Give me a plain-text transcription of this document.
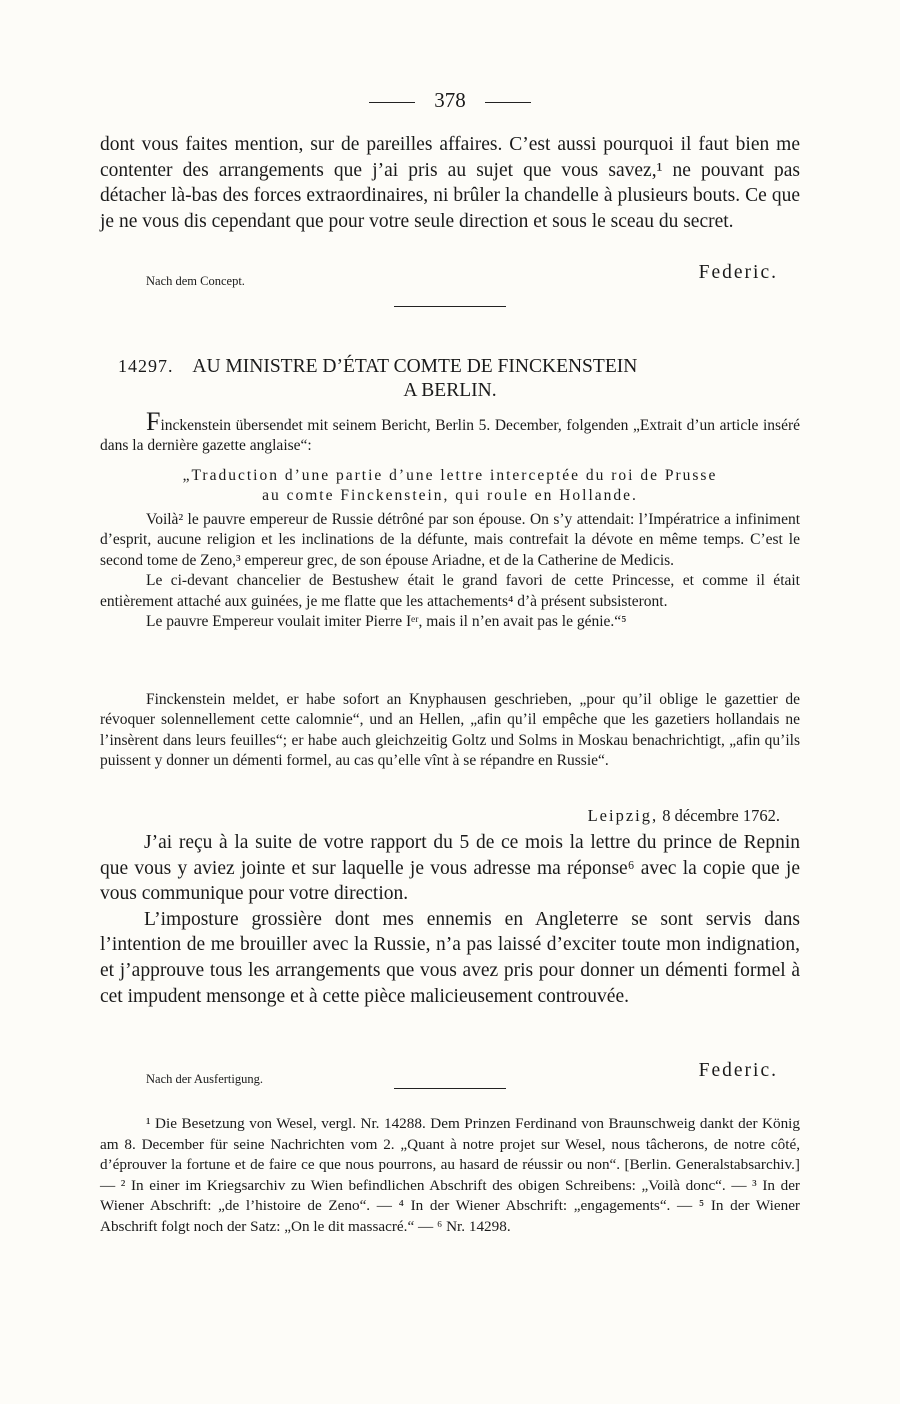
378

dont vous faites mention, sur de pareilles affaires. C’est aussi pourquoi il faut bien me contenter des arrangements que j’ai pris au sujet que vous savez,¹ ne pouvant pas détacher là-bas des forces extraordinaires, ni brûler la chandelle à plusieurs bouts. Ce que je ne vous dis cependant que pour votre seule direction et sous le sceau du secret.

Nach dem Concept.	Federic.
14297. AU MINISTRE D’ÉTAT COMTE DE FINCKENSTEIN
A BERLIN.

Finckenstein übersendet mit seinem Bericht, Berlin 5. December, folgenden „Extrait d’un article inséré dans la dernière gazette anglaise“:

„Traduction d’une partie d’une lettre interceptée du roi de Prusse
au comte Finckenstein, qui roule en Hollande.

Voilà² le pauvre empereur de Russie détrôné par son épouse. On s’y attendait: l’Impératrice a infiniment d’esprit, aucune religion et les inclinations de la défunte, mais contrefait la dévote en même temps. C’est le second tome de Zeno,³ empereur grec, de son épouse Ariadne, et de la Catherine de Medicis.

Le ci-devant chancelier de Bestushew était le grand favori de cette Princesse, et comme il était entièrement attaché aux guinées, je me flatte que les attachements⁴ d’à présent subsisteront.

Le pauvre Empereur voulait imiter Pierre Iᵉʳ, mais il n’en avait pas le génie.“⁵

Finckenstein meldet, er habe sofort an Knyphausen geschrieben, „pour qu’il oblige le gazettier de révoquer solennellement cette calomnie“, und an Hellen, „afin qu’il empêche que les gazetiers hollandais ne l’insèrent dans leurs feuilles“; er habe auch gleichzeitig Goltz und Solms in Moskau benachrichtigt, „afin qu’ils puissent y donner un démenti formel, au cas qu’elle vînt à se répandre en Russie“.

Leipzig, 8 décembre 1762.

J’ai reçu à la suite de votre rapport du 5 de ce mois la lettre du prince de Repnin que vous y aviez jointe et sur laquelle je vous adresse ma réponse⁶ avec la copie que je vous communique pour votre direction.

L’imposture grossière dont mes ennemis en Angleterre se sont servis dans l’intention de me brouiller avec la Russie, n’a pas laissé d’exciter toute mon indignation, et j’approuve tous les arrangements que vous avez pris pour donner un démenti formel à cet impudent mensonge et à cette pièce malicieusement controuvée.

Nach der Ausfertigung.	Federic.

¹ Die Besetzung von Wesel, vergl. Nr. 14288. Dem Prinzen Ferdinand von Braunschweig dankt der König am 8. December für seine Nachrichten vom 2. „Quant à notre projet sur Wesel, nous tâcherons, de notre côté, d’éprouver la fortune et de faire ce que nous pourrons, au hasard de réussir ou non“. [Berlin. Generalstabsarchiv.] — ² In einer im Kriegsarchiv zu Wien befindlichen Abschrift des obigen Schreibens: „Voilà donc“. — ³ In der Wiener Abschrift: „de l’histoire de Zeno“. — ⁴ In der Wiener Abschrift: „engagements“. — ⁵ In der Wiener Abschrift folgt noch der Satz: „On le dit massacré.“ — ⁶ Nr. 14298.
